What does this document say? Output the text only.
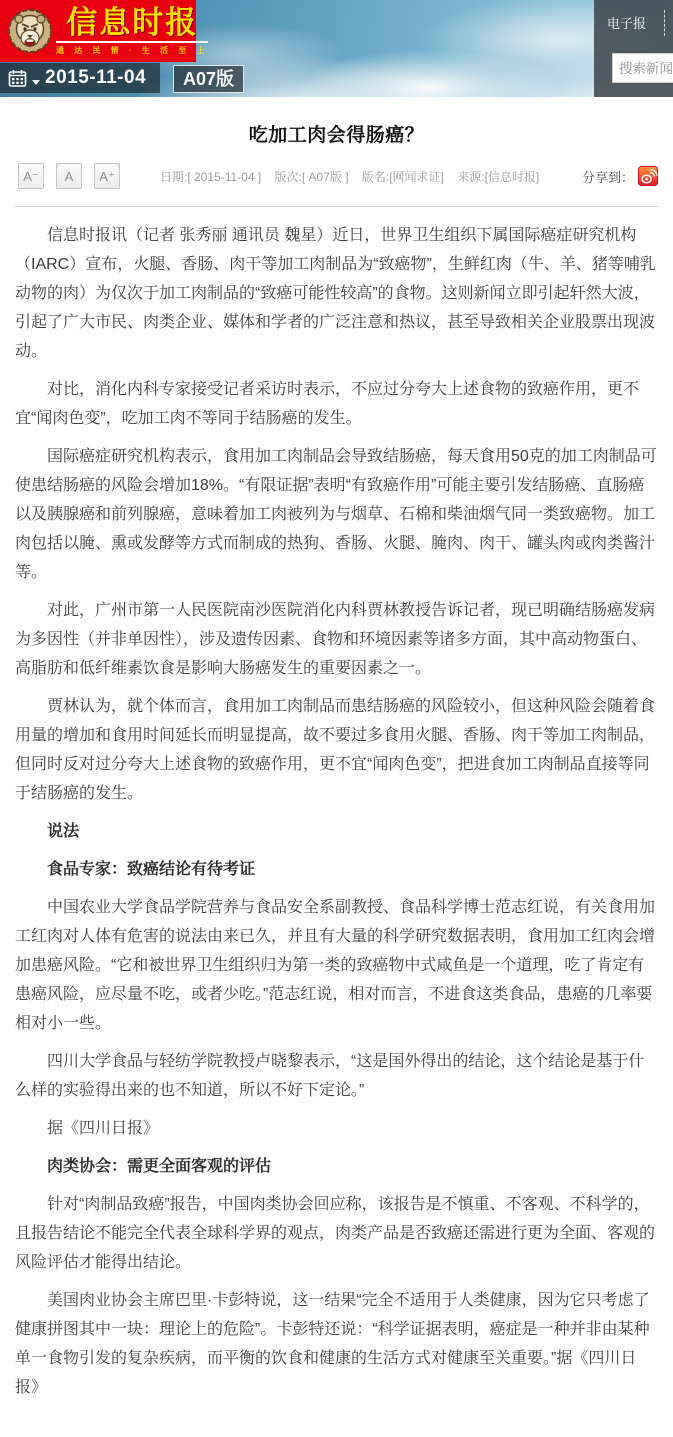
信息时报
通 达 民 情 · 生 活 至 上
2015-11-04	A07版
电子报
搜索新闻
吃加工肉会得肠癌？
A⁻	A	A⁺	日期:[ 2015-11-04 ] 版次:[ A07版 ] 版名:[网闻求证] 来源:[信息时报]	分享到：

信息时报讯（记者 张秀丽 通讯员 魏星）近日，世界卫生组织下属国际癌症研究机构（IARC）宣布，火腿、香肠、肉干等加工肉制品为“致癌物”，生鲜红肉（牛、羊、猪等哺乳动物的肉）为仅次于加工肉制品的“致癌可能性较高”的食物。这则新闻立即引起轩然大波，引起了广大市民、肉类企业、媒体和学者的广泛注意和热议，甚至导致相关企业股票出现波动。

对比，消化内科专家接受记者采访时表示，不应过分夸大上述食物的致癌作用，更不宜“闻肉色变”，吃加工肉不等同于结肠癌的发生。

国际癌症研究机构表示，食用加工肉制品会导致结肠癌，每天食用50克的加工肉制品可使患结肠癌的风险会增加18%。“有限证据”表明“有致癌作用”可能主要引发结肠癌、直肠癌以及胰腺癌和前列腺癌，意味着加工肉被列为与烟草、石棉和柴油烟气同一类致癌物。加工肉包括以腌、熏或发酵等方式而制成的热狗、香肠、火腿、腌肉、肉干、罐头肉或肉类酱汁等。

对此，广州市第一人民医院南沙医院消化内科贾林教授告诉记者，现已明确结肠癌发病为多因性（并非单因性），涉及遗传因素、食物和环境因素等诸多方面，其中高动物蛋白、高脂肪和低纤维素饮食是影响大肠癌发生的重要因素之一。

贾林认为，就个体而言，食用加工肉制品而患结肠癌的风险较小，但这种风险会随着食用量的增加和食用时间延长而明显提高，故不要过多食用火腿、香肠、肉干等加工肉制品，但同时反对过分夸大上述食物的致癌作用，更不宜“闻肉色变”，把进食加工肉制品直接等同于结肠癌的发生。

说法

食品专家：致癌结论有待考证

中国农业大学食品学院营养与食品安全系副教授、食品科学博士范志红说，有关食用加工红肉对人体有危害的说法由来已久，并且有大量的科学研究数据表明，食用加工红肉会增加患癌风险。“它和被世界卫生组织归为第一类的致癌物中式咸鱼是一个道理，吃了肯定有患癌风险，应尽量不吃，或者少吃。”范志红说，相对而言，不进食这类食品，患癌的几率要相对小一些。

四川大学食品与轻纺学院教授卢晓黎表示，“这是国外得出的结论，这个结论是基于什么样的实验得出来的也不知道，所以不好下定论。”

据《四川日报》

肉类协会：需更全面客观的评估

针对“肉制品致癌”报告，中国肉类协会回应称，该报告是不慎重、不客观、不科学的，且报告结论不能完全代表全球科学界的观点，肉类产品是否致癌还需进行更为全面、客观的风险评估才能得出结论。

美国肉业协会主席巴里·卡彭特说，这一结果“完全不适用于人类健康，因为它只考虑了健康拼图其中一块：理论上的危险”。卡彭特还说：“科学证据表明，癌症是一种并非由某种单一食物引发的复杂疾病，而平衡的饮食和健康的生活方式对健康至关重要。”据《四川日报》
